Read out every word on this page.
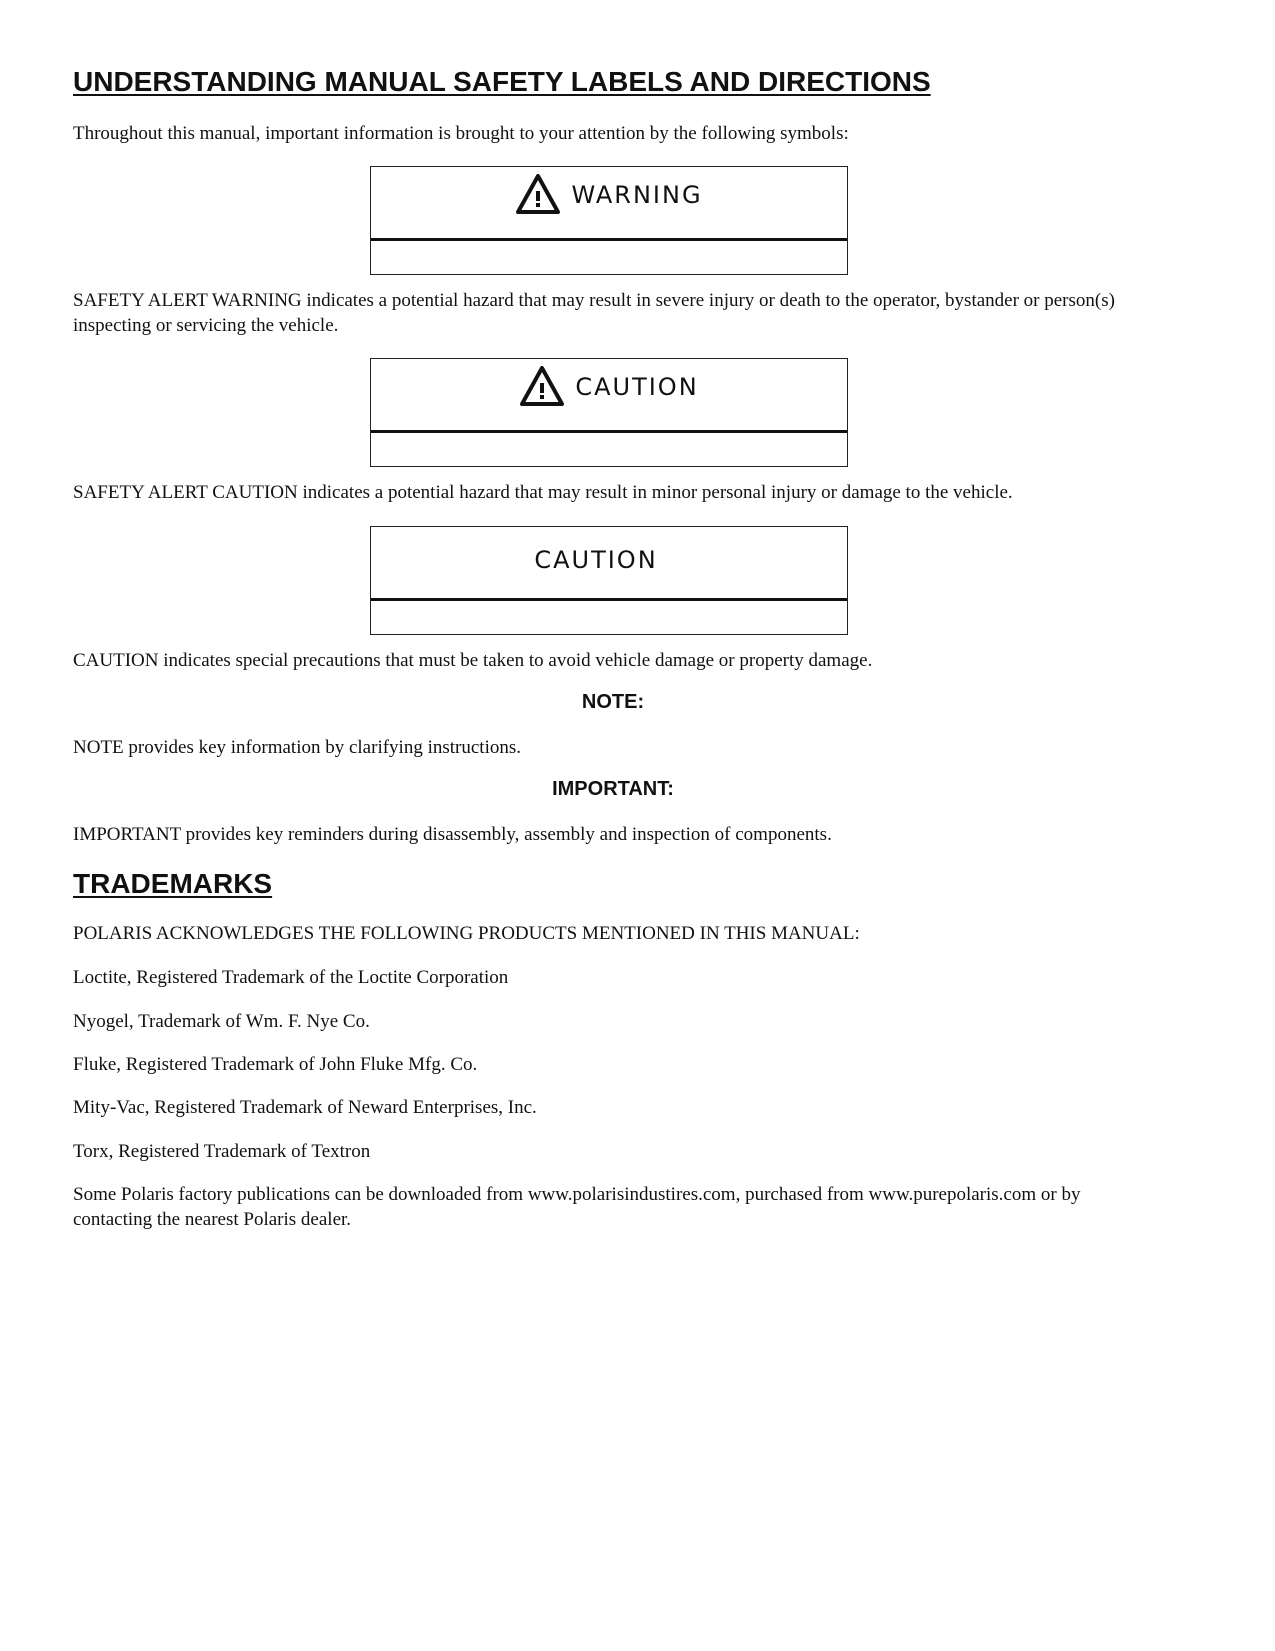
UNDERSTANDING MANUAL SAFETY LABELS AND DIRECTIONS

Throughout this manual, important information is brought to your attention by the following symbols:

WARNING

SAFETY ALERT WARNING indicates a potential hazard that may result in severe injury or death to the operator, bystander or person(s) inspecting or servicing the vehicle.

CAUTION

SAFETY ALERT CAUTION indicates a potential hazard that may result in minor personal injury or damage to the vehicle.

CAUTION

CAUTION indicates special precautions that must be taken to avoid vehicle damage or property damage.

NOTE:

NOTE provides key information by clarifying instructions.

IMPORTANT:

IMPORTANT provides key reminders during disassembly, assembly and inspection of components.

TRADEMARKS

POLARIS ACKNOWLEDGES THE FOLLOWING PRODUCTS MENTIONED IN THIS MANUAL:

Loctite, Registered Trademark of the Loctite Corporation

Nyogel, Trademark of Wm. F. Nye Co.

Fluke, Registered Trademark of John Fluke Mfg. Co.

Mity-Vac, Registered Trademark of Neward Enterprises, Inc.

Torx, Registered Trademark of Textron

Some Polaris factory publications can be downloaded from www.polarisindustires.com, purchased from www.purepolaris.com or by contacting the nearest Polaris dealer.
